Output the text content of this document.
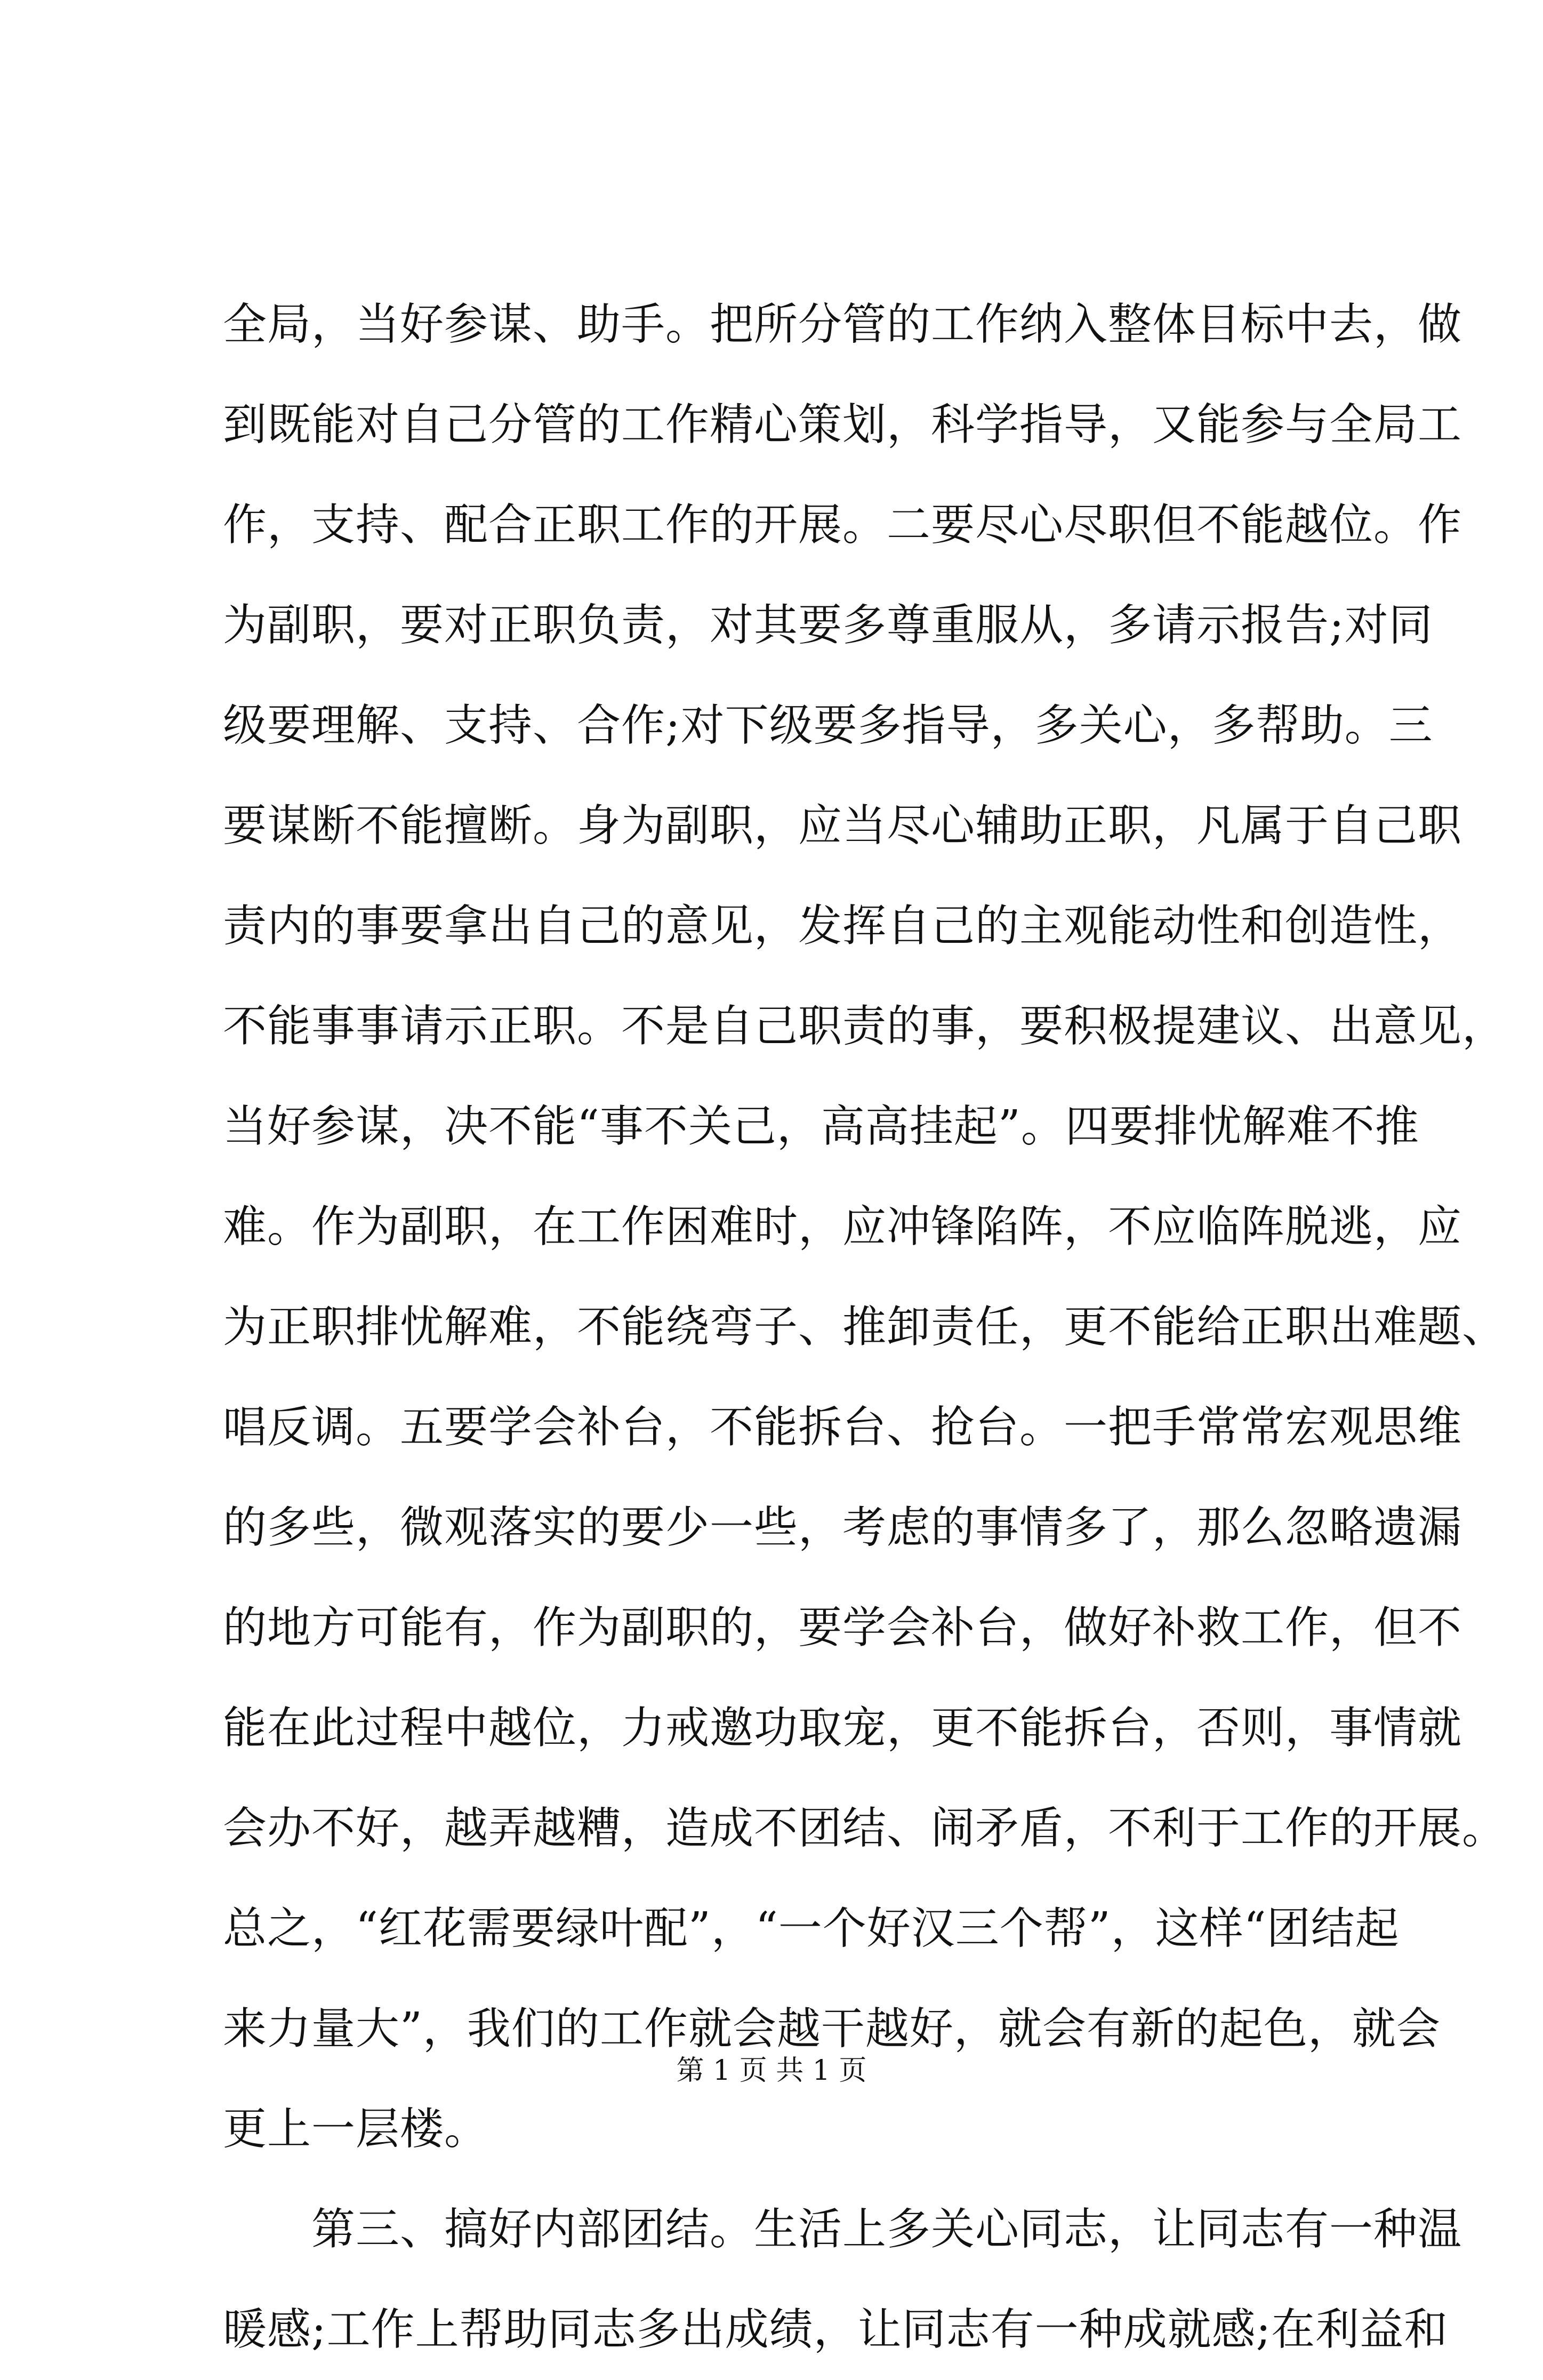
全局，当好参谋、助手。把所分管的工作纳入整体目标中去，做
到既能对自己分管的工作精心策划，科学指导，又能参与全局工
作，支持、配合正职工作的开展。二要尽心尽职但不能越位。作
为副职，要对正职负责，对其要多尊重服从，多请示报告;对同
级要理解、支持、合作;对下级要多指导，多关心，多帮助。三
要谋断不能擅断。身为副职，应当尽心辅助正职，凡属于自己职
责内的事要拿出自己的意见，发挥自己的主观能动性和创造性，
不能事事请示正职。不是自己职责的事，要积极提建议、出意见，
当好参谋，决不能“事不关己，高高挂起”。四要排忧解难不推
难。作为副职，在工作困难时，应冲锋陷阵，不应临阵脱逃，应
为正职排忧解难，不能绕弯子、推卸责任，更不能给正职出难题、
唱反调。五要学会补台，不能拆台、抢台。一把手常常宏观思维
的多些，微观落实的要少一些，考虑的事情多了，那么忽略遗漏
的地方可能有，作为副职的，要学会补台，做好补救工作，但不
能在此过程中越位，力戒邀功取宠，更不能拆台，否则，事情就
会办不好，越弄越糟，造成不团结、闹矛盾，不利于工作的开展。
总之，“红花需要绿叶配”，“一个好汉三个帮”，这样“团结起
来力量大”，我们的工作就会越干越好，就会有新的起色，就会
更上一层楼。
　　第三、搞好内部团结。生活上多关心同志，让同志有一种温
暖感;工作上帮助同志多出成绩，让同志有一种成就感;在利益和
第 1 页 共 1 页
